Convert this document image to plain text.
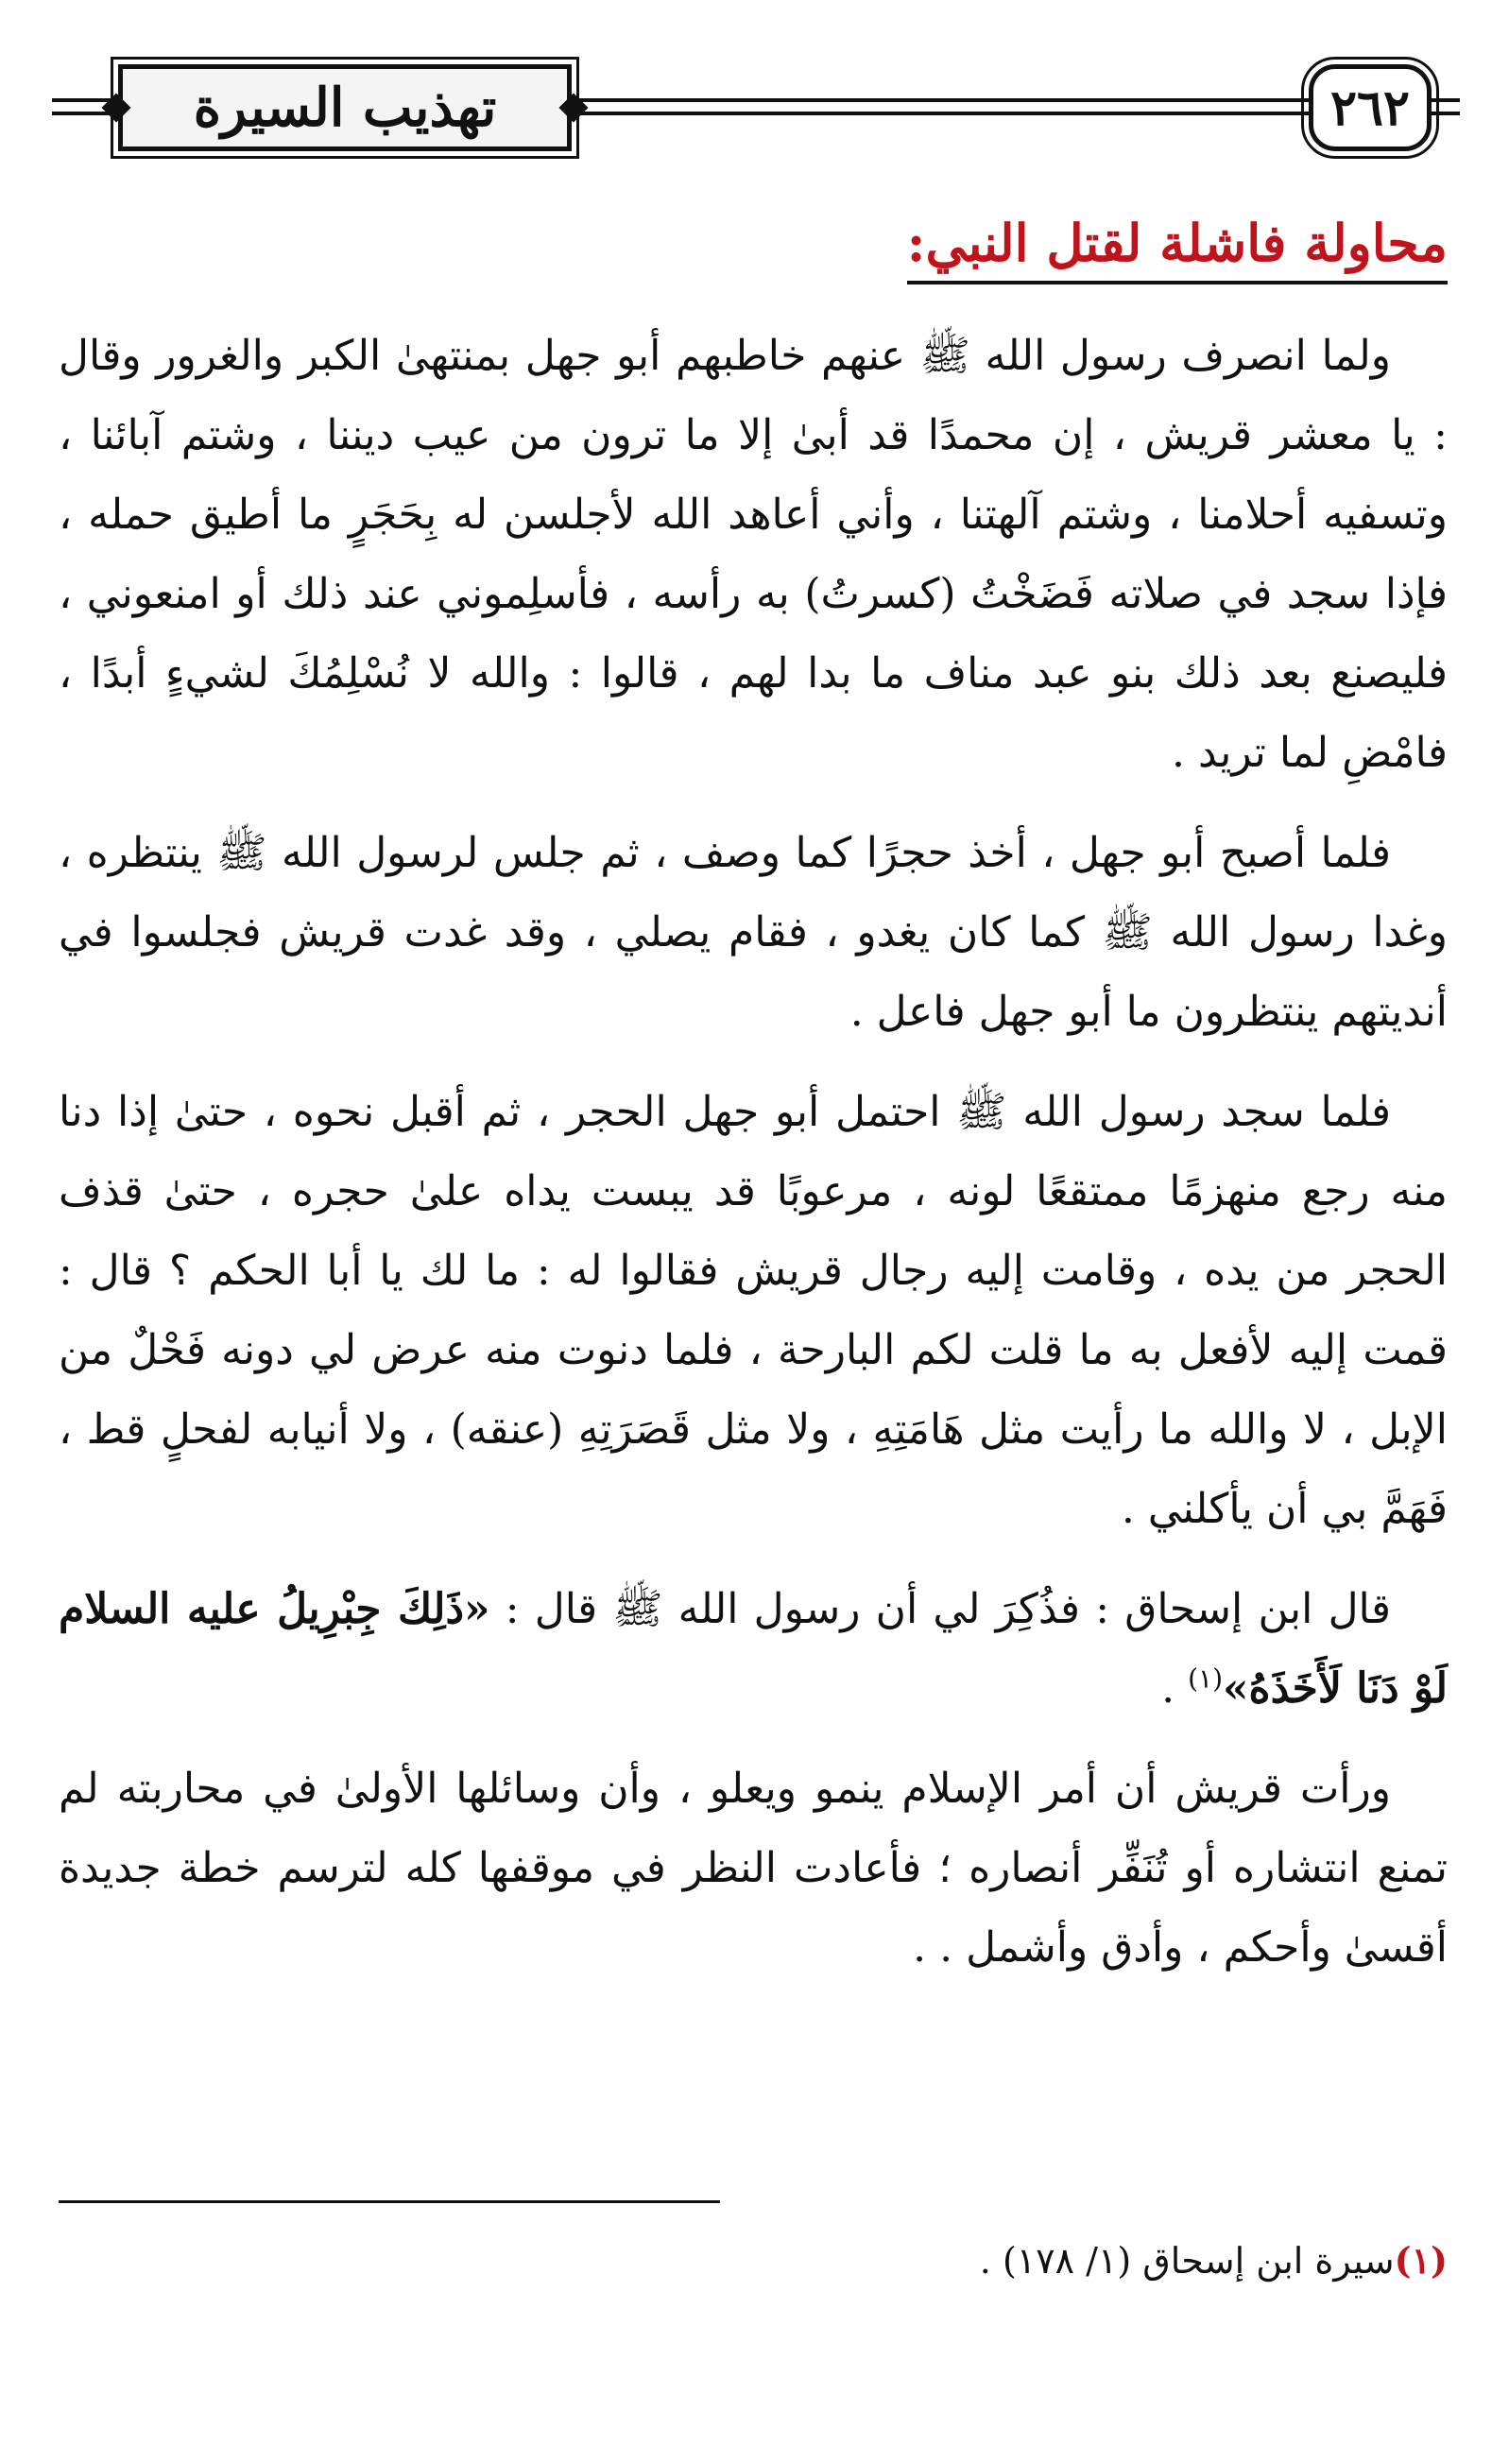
تهذيب السيرة	٢٦٢
محاولة فاشلة لقتل النبي:

ولما انصرف رسول الله ﷺ عنهم خاطبهم أبو جهل بمنتهىٰ الكبر والغرور وقال : يا معشر قريش ، إن محمدًا قد أبىٰ إلا ما ترون من عيب ديننا ، وشتم آبائنا ، وتسفيه أحلامنا ، وشتم آلهتنا ، وأني أعاهد الله لأجلسن له بِحَجَرٍ ما أطيق حمله ، فإذا سجد في صلاته فَضَخْتُ (كسرتُ) به رأسه ، فأسلِموني عند ذلك أو امنعوني ، فليصنع بعد ذلك بنو عبد مناف ما بدا لهم ، قالوا : والله لا نُسْلِمُكَ لشيءٍ أبدًا ، فامْضِ لما تريد .

فلما أصبح أبو جهل ، أخذ حجرًا كما وصف ، ثم جلس لرسول الله ﷺ ينتظره ، وغدا رسول الله ﷺ كما كان يغدو ، فقام يصلي ، وقد غدت قريش فجلسوا في أنديتهم ينتظرون ما أبو جهل فاعل .

فلما سجد رسول الله ﷺ احتمل أبو جهل الحجر ، ثم أقبل نحوه ، حتىٰ إذا دنا منه رجع منهزمًا ممتقعًا لونه ، مرعوبًا قد يبست يداه علىٰ حجره ، حتىٰ قذف الحجر من يده ، وقامت إليه رجال قريش فقالوا له : ما لك يا أبا الحكم ؟ قال : قمت إليه لأفعل به ما قلت لكم البارحة ، فلما دنوت منه عرض لي دونه فَحْلٌ من الإبل ، لا والله ما رأيت مثل هَامَتِهِ ، ولا مثل قَصَرَتِهِ (عنقه) ، ولا أنيابه لفحلٍ قط ، فَهَمَّ بي أن يأكلني .

قال ابن إسحاق : فذُكِرَ لي أن رسول الله ﷺ قال : «ذَلِكَ جِبْرِيلُ عليه السلام لَوْ دَنَا لَأَخَذَهُ»$^{(١)}$ .

ورأت قريش أن أمر الإسلام ينمو ويعلو ، وأن وسائلها الأولىٰ في محاربته لم تمنع انتشاره أو تُنَفِّر أنصاره ؛ فأعادت النظر في موقفها كله لترسم خطة جديدة أقسىٰ وأحكم ، وأدق وأشمل . .

(١)سيرة ابن إسحاق (١/ ١٧٨) .
